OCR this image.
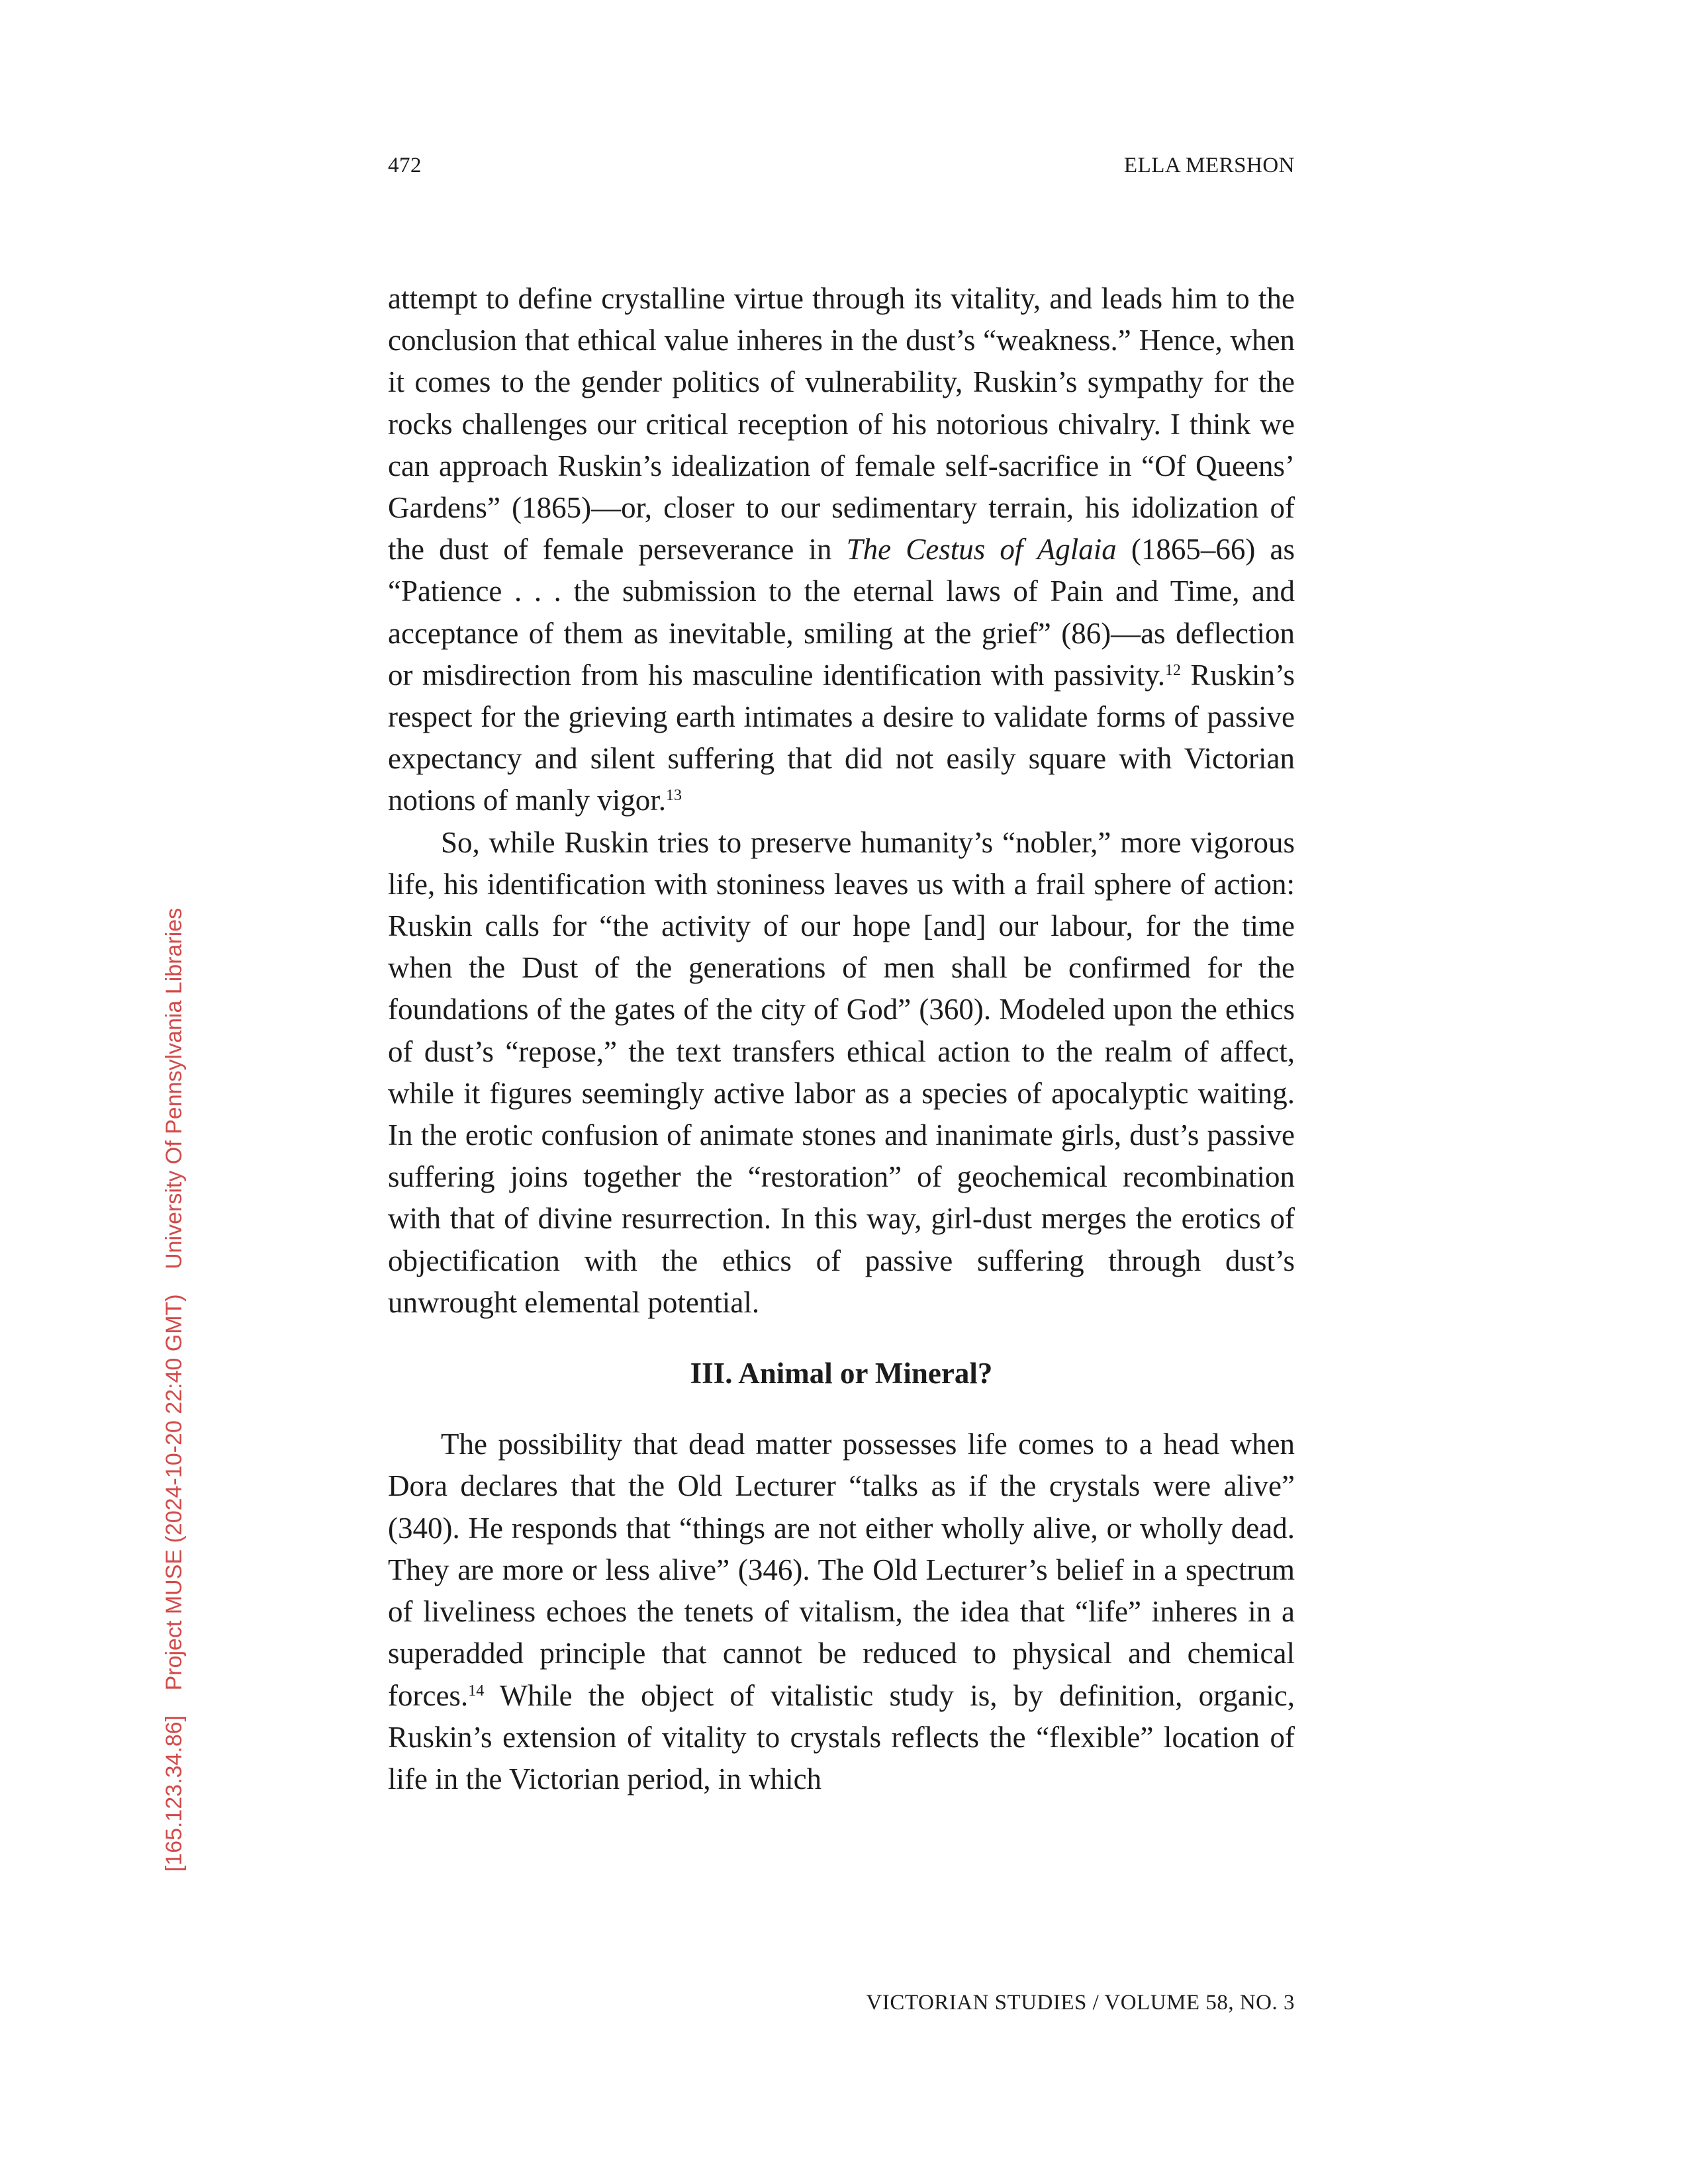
472	ELLA MERSHON

attempt to define crystalline virtue through its vitality, and leads him to the conclusion that ethical value inheres in the dust’s “weakness.” Hence, when it comes to the gender politics of vulnerability, Ruskin’s sympathy for the rocks challenges our critical reception of his notorious chivalry. I think we can approach Ruskin’s idealization of female self-sacrifice in “Of Queens’ Gardens” (1865)—or, closer to our sedimentary terrain, his idolization of the dust of female perseverance in The Cestus of Aglaia (1865–66) as “Patience . . . the submission to the eternal laws of Pain and Time, and acceptance of them as inevitable, smiling at the grief” (86)—as deflection or misdirection from his masculine identification with passivity.$^{12}$ Ruskin’s respect for the grieving earth intimates a desire to validate forms of passive expectancy and silent suffering that did not easily square with Victorian notions of manly vigor.$^{13}$

So, while Ruskin tries to preserve humanity’s “nobler,” more vigorous life, his identification with stoniness leaves us with a frail sphere of action: Ruskin calls for “the activity of our hope [and] our labour, for the time when the Dust of the generations of men shall be confirmed for the foundations of the gates of the city of God” (360). Modeled upon the ethics of dust’s “repose,” the text transfers ethical action to the realm of affect, while it figures seemingly active labor as a species of apocalyptic waiting. In the erotic confusion of animate stones and inanimate girls, dust’s passive suffering joins together the “restoration” of geochemical recombination with that of divine resurrection. In this way, girl-dust merges the erotics of objectification with the ethics of passive suffering through dust’s unwrought elemental potential.

III. Animal or Mineral?

The possibility that dead matter possesses life comes to a head when Dora declares that the Old Lecturer “talks as if the crystals were alive” (340). He responds that “things are not either wholly alive, or wholly dead. They are more or less alive” (346). The Old Lecturer’s belief in a spectrum of liveliness echoes the tenets of vitalism, the idea that “life” inheres in a superadded principle that cannot be reduced to physical and chemical forces.$^{14}$ While the object of vitalistic study is, by definition, organic, Ruskin’s extension of vitality to crystals reflects the “flexible” location of life in the Victorian period, in which

VICTORIAN STUDIES / VOLUME 58, NO. 3
[165.123.34.86] Project MUSE (2024-10-20 22:40 GMT) University Of Pennsylvania Libraries
